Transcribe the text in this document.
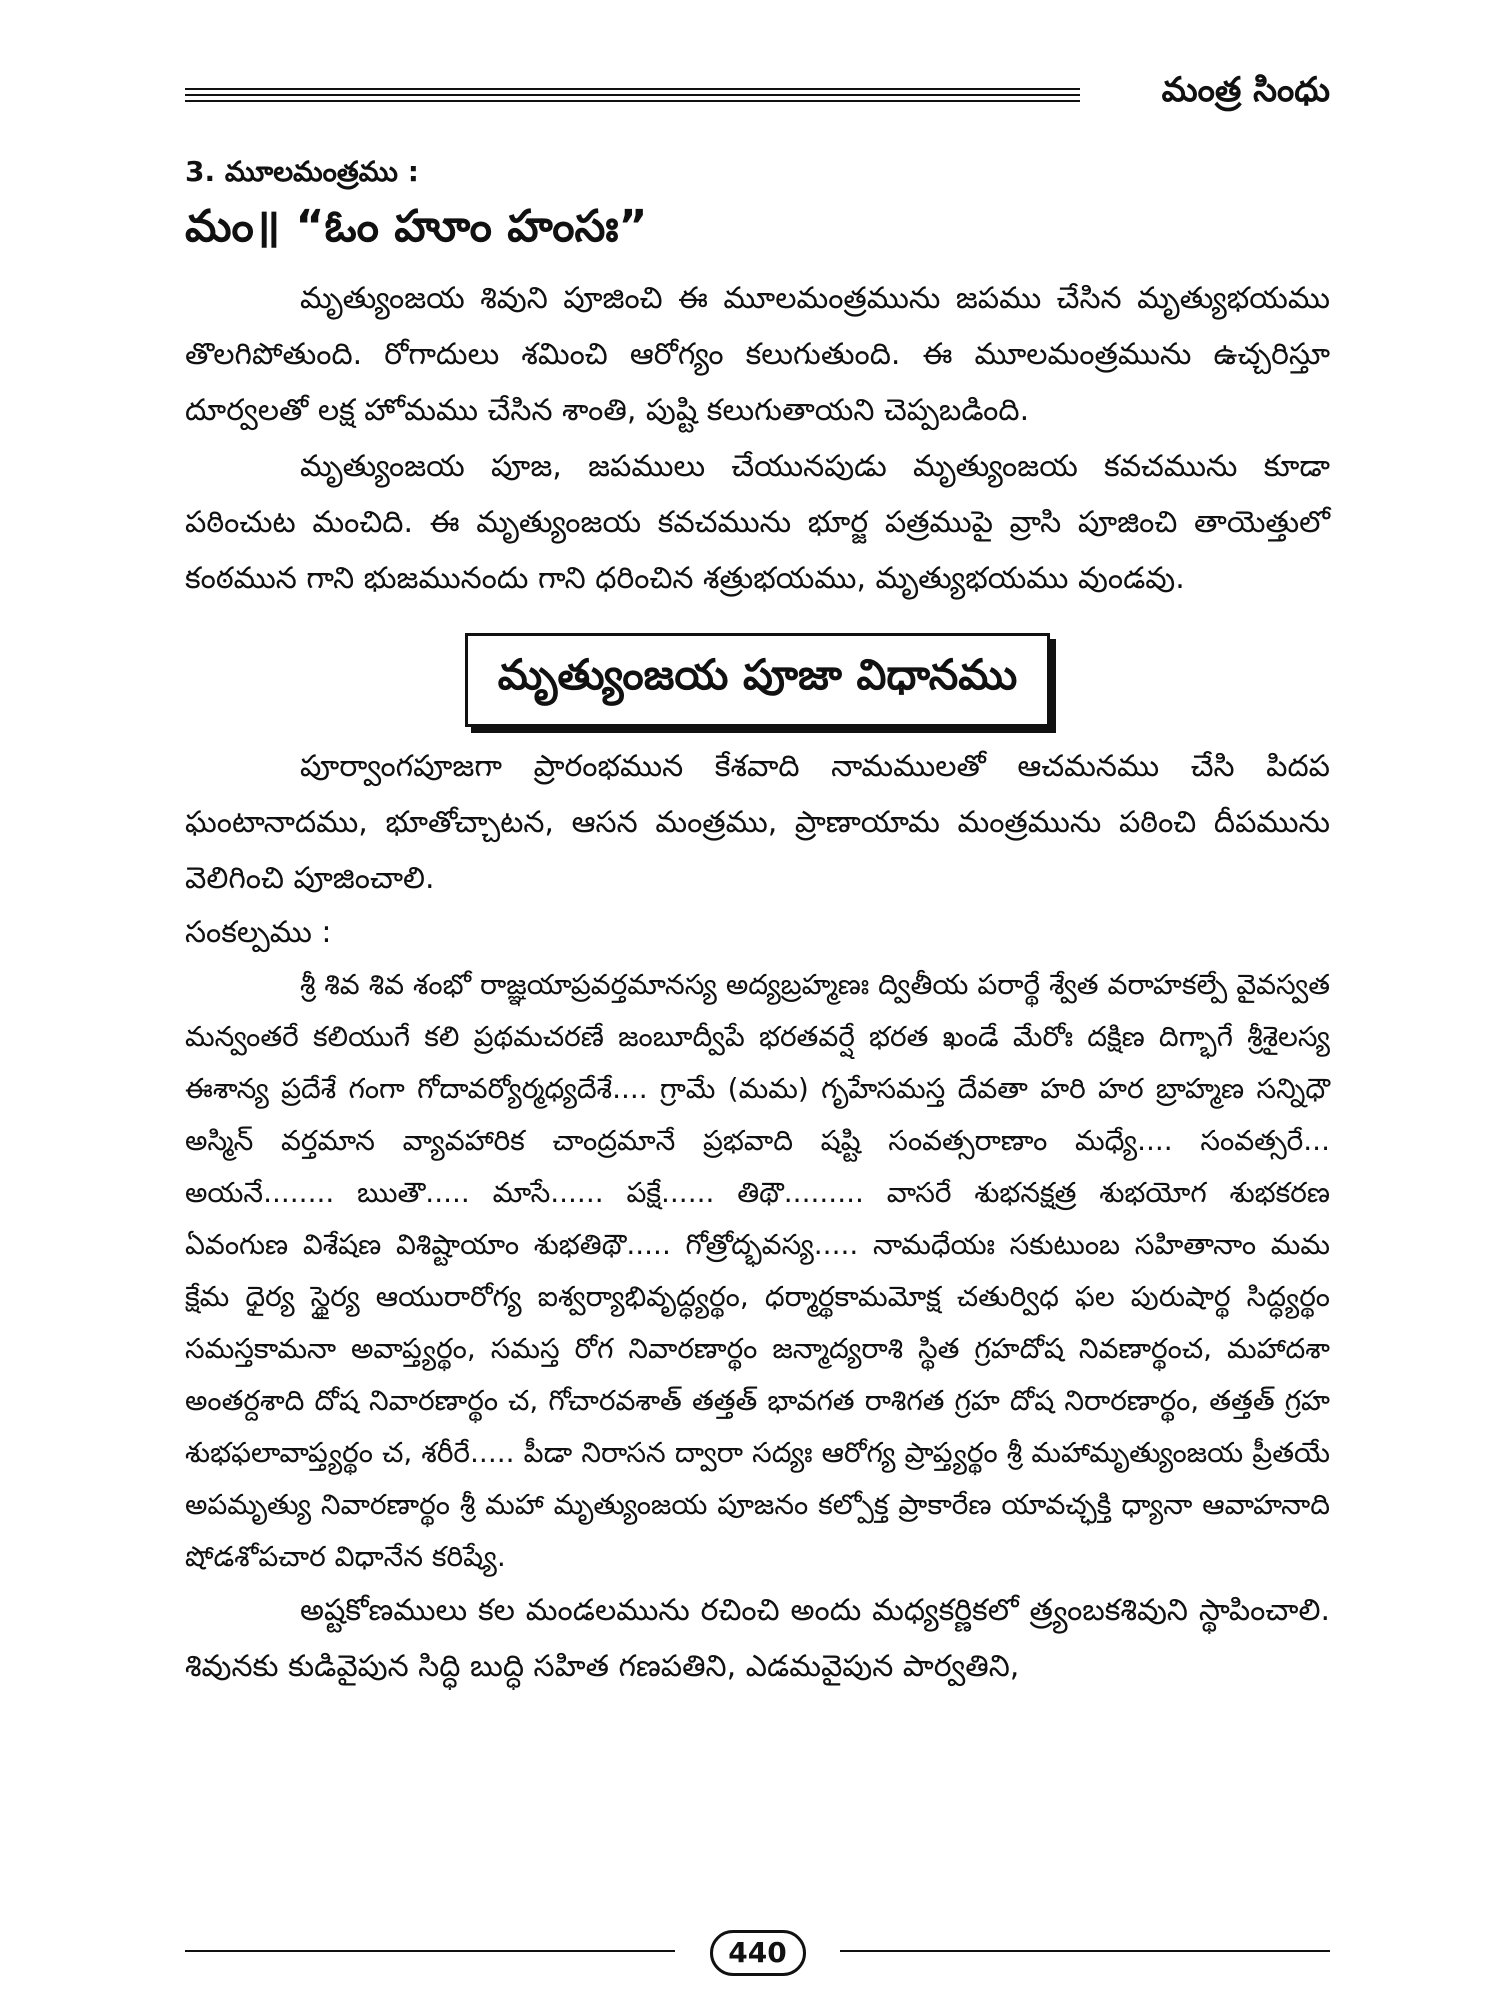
మంత్ర సింధు

3. మూలమంత్రము :

మం॥ “ఓం హూం హంసః”

మృత్యుంజయ శివుని పూజించి ఈ మూలమంత్రమును జపము చేసిన మృత్యుభయము తొలగిపోతుంది. రోగాదులు శమించి ఆరోగ్యం కలుగుతుంది. ఈ మూలమంత్రమును ఉచ్చరిస్తూ దూర్వలతో లక్ష హోమము చేసిన శాంతి, పుష్టి కలుగుతాయని చెప్పబడింది.

మృత్యుంజయ పూజ, జపములు చేయునపుడు మృత్యుంజయ కవచమును కూడా పఠించుట మంచిది. ఈ మృత్యుంజయ కవచమును భూర్జ పత్రముపై వ్రాసి పూజించి తాయెత్తులో కంఠమున గాని భుజమునందు గాని ధరించిన శత్రుభయము, మృత్యుభయము వుండవు.

మృత్యుంజయ పూజా విధానము

పూర్వాంగపూజగా ప్రారంభమున కేశవాది నామములతో ఆచమనము చేసి పిదప ఘంటానాదము, భూతోచ్చాటన, ఆసన మంత్రము, ప్రాణాయామ మంత్రమును పఠించి దీపమును వెలిగించి పూజించాలి.

సంకల్పము :

శ్రీ శివ శివ శంభో రాజ్ఞయాప్రవర్తమానస్య అద్యబ్రహ్మణః ద్వితీయ పరార్థే శ్వేత వరాహకల్పే వైవస్వత మన్వంతరే కలియుగే కలి ప్రథమచరణే జంబూద్వీపే భరతవర్షే భరత ఖండే మేరోః దక్షిణ దిగ్భాగే శ్రీశైలస్య ఈశాన్య ప్రదేశే గంగా గోదావర్యోర్మధ్యదేశే.... గ్రామే (మమ) గృహేసమస్త దేవతా హరి హర బ్రాహ్మణ సన్నిధౌ అస్మిన్ వర్తమాన వ్యావహారిక చాంద్రమానే ప్రభవాది షష్టి సంవత్సరాణాం మధ్యే.... సంవత్సరే... అయనే........ ఋతౌ..... మాసే...... పక్షే...... తిథౌ......... వాసరే శుభనక్షత్ర శుభయోగ శుభకరణ ఏవంగుణ విశేషణ విశిష్టాయాం శుభతిథౌ..... గోత్రోద్భవస్య..... నామధేయః సకుటుంబ సహితానాం మమ క్షేమ ధైర్య స్థైర్య ఆయురారోగ్య ఐశ్వర్యాభివృద్ధ్యర్థం, ధర్మార్థకామమోక్ష చతుర్విధ ఫల పురుషార్థ సిద్ధ్యర్థం సమస్తకామనా అవాప్త్యర్థం, సమస్త రోగ నివారణార్థం జన్మాద్యరాశి స్థిత గ్రహదోష నివణార్థంచ, మహాదశా అంతర్దశాది దోష నివారణార్థం చ, గోచారవశాత్ తత్తత్ భావగత రాశిగత గ్రహ దోష నిరారణార్థం, తత్తత్ గ్రహ శుభఫలావాప్త్యర్థం చ, శరీరే..... పీడా నిరాసన ద్వారా సద్యః ఆరోగ్య ప్రాప్త్యర్థం శ్రీ మహామృత్యుంజయ ప్రీతయే అపమృత్యు నివారణార్థం శ్రీ మహా మృత్యుంజయ పూజనం కల్పోక్త ప్రాకారేణ యావచ్ఛక్తి ధ్యానా ఆవాహనాది షోడశోపచార విధానేన కరిష్యే.

అష్టకోణములు కల మండలమును రచించి అందు మధ్యకర్ణికలో త్ర్యంబకశివుని స్థాపించాలి. శివునకు కుడివైపున సిద్ధి బుద్ధి సహిత గణపతిని, ఎడమవైపున పార్వతిని,

440
